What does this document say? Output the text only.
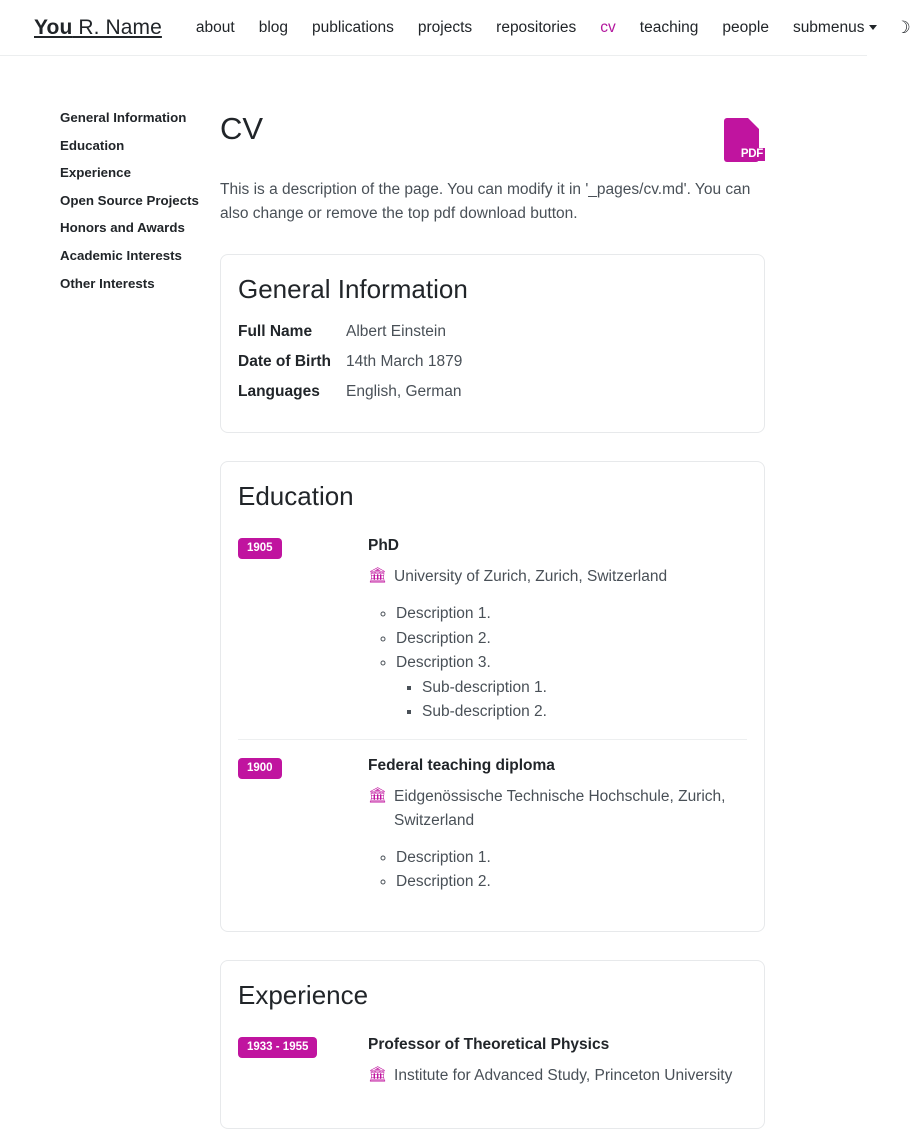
You R. Name	about	blog	publications	projects	repositories	cv	teaching	people	submenus	☽
General Information
Education
Experience
Open Source Projects
Honors and Awards
Academic Interests
Other Interests
CV
PDF

This is a description of the page. You can modify it in '_pages/cv.md'. You can also change or remove the top pdf download button.

General Information
Full Name	Albert Einstein
Date of Birth	14th March 1879
Languages	English, German
Education
1905	PhD

🏛 University of Zurich, Zurich, Switzerland
◦ Description 1.
◦ Description 2.
◦ Description 3.
▪ Sub-description 1.
▪ Sub-description 2.
1900	Federal teaching diploma

🏛 Eidgenössische Technische Hochschule, Zurich, Switzerland
◦ Description 1.
◦ Description 2.
Experience
1933 - 1955	Professor of Theoretical Physics

🏛 Institute for Advanced Study, Princeton University
